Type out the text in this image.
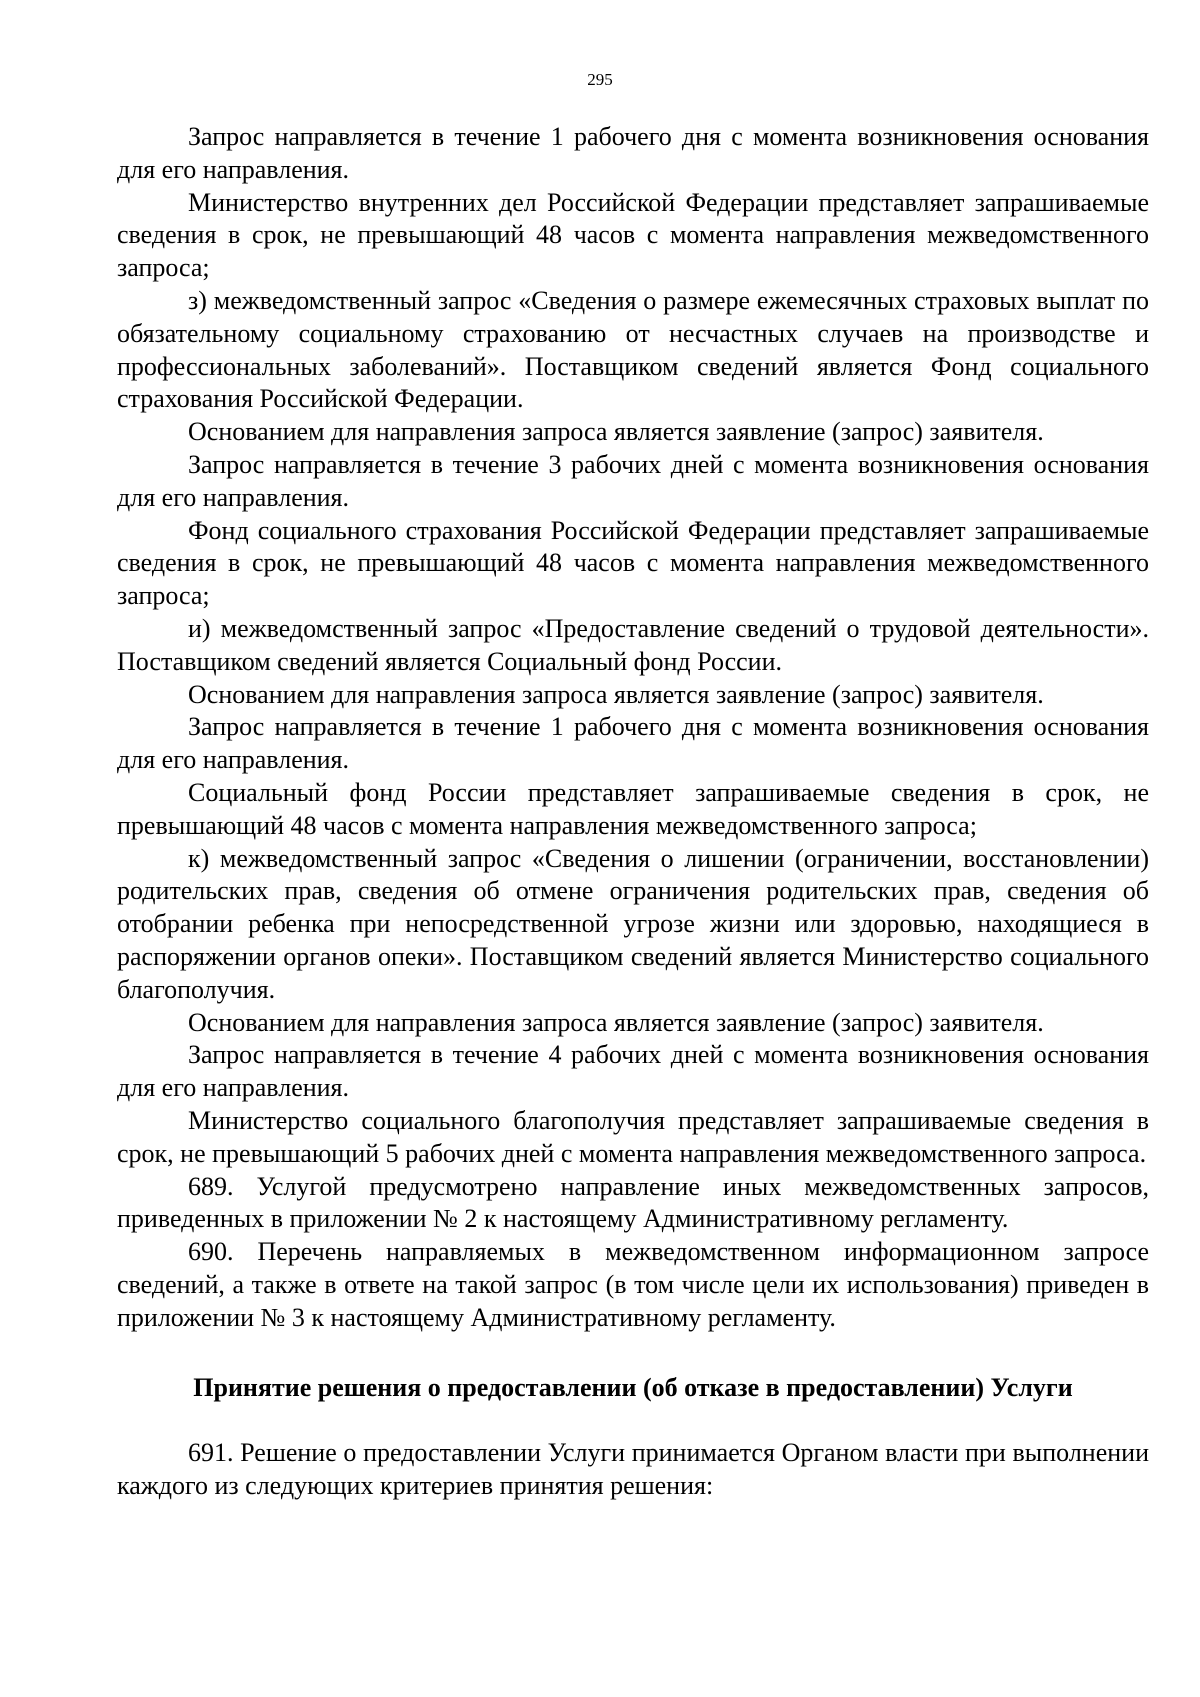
295

Запрос направляется в течение 1 рабочего дня с момента возникновения основания для его направления.

Министерство внутренних дел Российской Федерации представляет запрашиваемые сведения в срок, не превышающий 48 часов с момента направления межведомственного запроса;

з) межведомственный запрос «Сведения о размере ежемесячных страховых выплат по обязательному социальному страхованию от несчастных случаев на производстве и профессиональных заболеваний». Поставщиком сведений является Фонд социального страхования Российской Федерации.

Основанием для направления запроса является заявление (запрос) заявителя.

Запрос направляется в течение 3 рабочих дней с момента возникновения основания для его направления.

Фонд социального страхования Российской Федерации представляет запрашиваемые сведения в срок, не превышающий 48 часов с момента направления межведомственного запроса;

и) межведомственный запрос «Предоставление сведений о трудовой деятельности». Поставщиком сведений является Социальный фонд России.

Основанием для направления запроса является заявление (запрос) заявителя.

Запрос направляется в течение 1 рабочего дня с момента возникновения основания для его направления.

Социальный фонд России представляет запрашиваемые сведения в срок, не превышающий 48 часов с момента направления межведомственного запроса;

к) межведомственный запрос «Сведения о лишении (ограничении, восстановлении) родительских прав, сведения об отмене ограничения родительских прав, сведения об отобрании ребенка при непосредственной угрозе жизни или здоровью, находящиеся в распоряжении органов опеки». Поставщиком сведений является Министерство социального благополучия.

Основанием для направления запроса является заявление (запрос) заявителя.

Запрос направляется в течение 4 рабочих дней с момента возникновения основания для его направления.

Министерство социального благополучия представляет запрашиваемые сведения в срок, не превышающий 5 рабочих дней с момента направления межведомственного запроса.

689. Услугой предусмотрено направление иных межведомственных запросов, приведенных в приложении № 2 к настоящему Административному регламенту.

690. Перечень направляемых в межведомственном информационном запросе сведений, а также в ответе на такой запрос (в том числе цели их использования) приведен в приложении № 3 к настоящему Административному регламенту.

Принятие решения о предоставлении (об отказе в предоставлении) Услуги

691. Решение о предоставлении Услуги принимается Органом власти при выполнении каждого из следующих критериев принятия решения:
